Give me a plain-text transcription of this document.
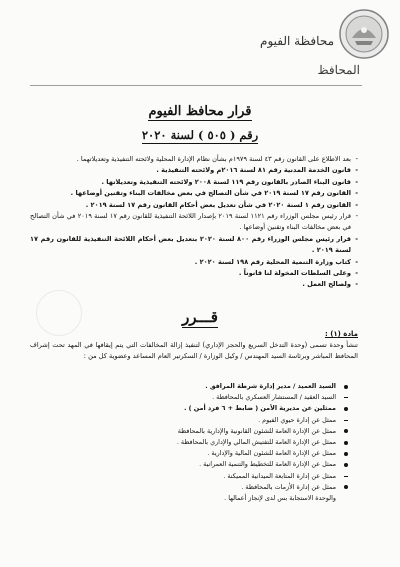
محافظة الفيوم
المحافظ
قرار محافظ الفيوم
رقم ( ٥٠٥ ) لسنة ٢٠٢٠
- بعد الاطلاع على القانون رقم ٤٣ لسنة ١٩٧٩م بشأن نظام الإدارة المحلية ولائحته التنفيذية وتعديلاتهما .
- قانون الخدمة المدنية رقم ٨١ لسنة ٢٠١٦م ولائحته التنفيذية .
- قانون البناء الصادر بالقانون رقم ١١٩ لسنة ٢٠٠٨ ولائحته التنفيذية وتعديلاتها .
- القانون رقم ١٧ لسنة ٢٠١٩ في شأن التصالح في بعض مخالفات البناء وتقنين أوضاعها .
- القانون رقم ١ لسنة ٢٠٢٠ في شأن تعديل بعض أحكام القانون رقم ١٧ لسنة ٢٠١٩ .
- قرار رئيس مجلس الوزراء رقم ١١٢١ لسنة ٢٠١٩ بإصدار اللائحة التنفيذية للقانون رقم ١٧ لسنة ٢٠١٩ في شأن التصالح في بعض مخالفات البناء وتقنين أوضاعها .
- قرار رئيس مجلس الوزراء رقم ٨٠٠ لسنة ٢٠٢٠ بتعديل بعض أحكام اللائحة التنفيذية للقانون رقم ١٧ لسنة ٢٠١٩ .
- كتاب وزارة التنمية المحلية رقم ١٩٨ لسنة ٢٠٢٠ .
- وعلى السلطات المخولة لنا قانوناً .
- ولصالح العمل .
قـــرر
مادة (١) :

تنشأ وحدة تسمى (وحدة التدخل السريع والحجز الإداري) لتنفيذ إزالة المخالفات التي يتم إيقافها في المهد تحت إشراف المحافظ المباشر وبرئاسة السيد المهندس / وكيل الوزارة / السكرتير العام المساعد وعضوية كل من :

السيد العميد / مدير إدارة شرطة المرافق .
السيد العقيد / المستشار العسكري بالمحافظة .
ممثلين عن مديرية الأمن ( ضابط + ٦ فرد أمن ) .
ممثل عن إدارة حيوي الفيوم .
ممثل عن الإدارة العامة للشئون القانونية والإدارية بالمحافظة
ممثل عن الإدارة العامة للتفتيش المالي والإداري بالمحافظة .
ممثل عن الإدارة العامة للشئون المالية والإدارية .
ممثل عن الإدارة العامة للتخطيط والتنمية العمرانية .
ممثل عن إدارة المتابعة الميدانية المميكنة .
ممثل عن إدارة الأزمات بالمحافظة .
والوحدة الاستجابة بس لدى لإنجاز أعمالها .
